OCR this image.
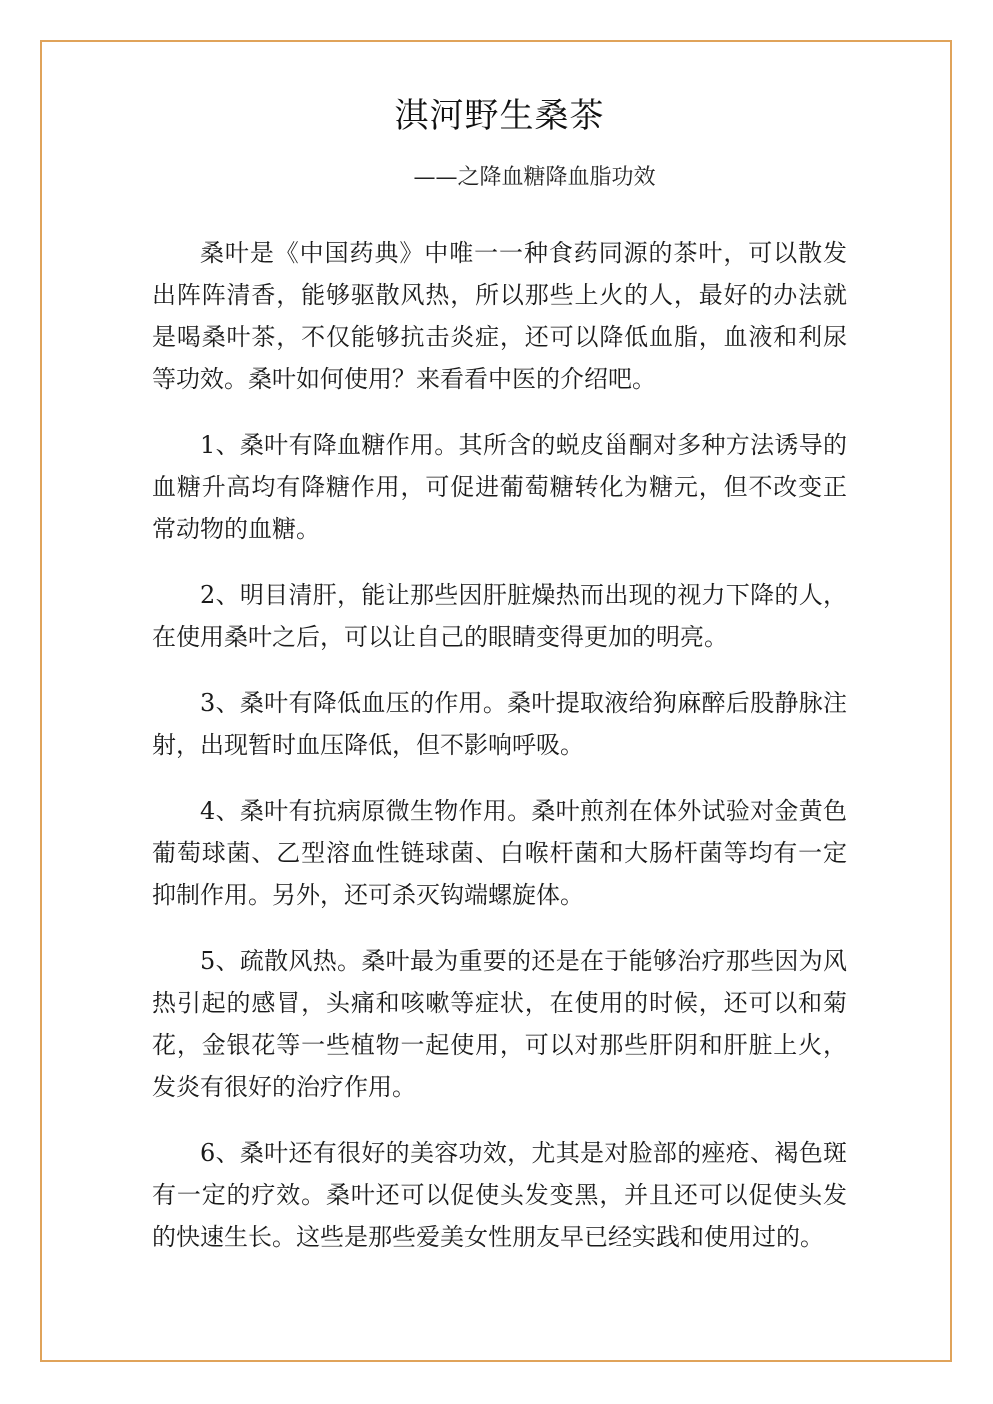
淇河野生桑茶
——之降血糖降血脂功效

桑叶是《中国药典》中唯一一种食药同源的茶叶，可以散发出阵阵清香，能够驱散风热，所以那些上火的人，最好的办法就是喝桑叶茶，不仅能够抗击炎症，还可以降低血脂，血液和利尿等功效。桑叶如何使用？来看看中医的介绍吧。

1、桑叶有降血糖作用。其所含的蜕皮甾酮对多种方法诱导的血糖升高均有降糖作用，可促进葡萄糖转化为糖元，但不改变正常动物的血糖。

2、明目清肝，能让那些因肝脏燥热而出现的视力下降的人，在使用桑叶之后，可以让自己的眼睛变得更加的明亮。

3、桑叶有降低血压的作用。桑叶提取液给狗麻醉后股静脉注射，出现暂时血压降低，但不影响呼吸。

4、桑叶有抗病原微生物作用。桑叶煎剂在体外试验对金黄色葡萄球菌、乙型溶血性链球菌、白喉杆菌和大肠杆菌等均有一定抑制作用。另外，还可杀灭钩端螺旋体。

5、疏散风热。桑叶最为重要的还是在于能够治疗那些因为风热引起的感冒，头痛和咳嗽等症状，在使用的时候，还可以和菊花，金银花等一些植物一起使用，可以对那些肝阴和肝脏上火，发炎有很好的治疗作用。

6、桑叶还有很好的美容功效，尤其是对脸部的痤疮、褐色斑有一定的疗效。桑叶还可以促使头发变黑，并且还可以促使头发的快速生长。这些是那些爱美女性朋友早已经实践和使用过的。
